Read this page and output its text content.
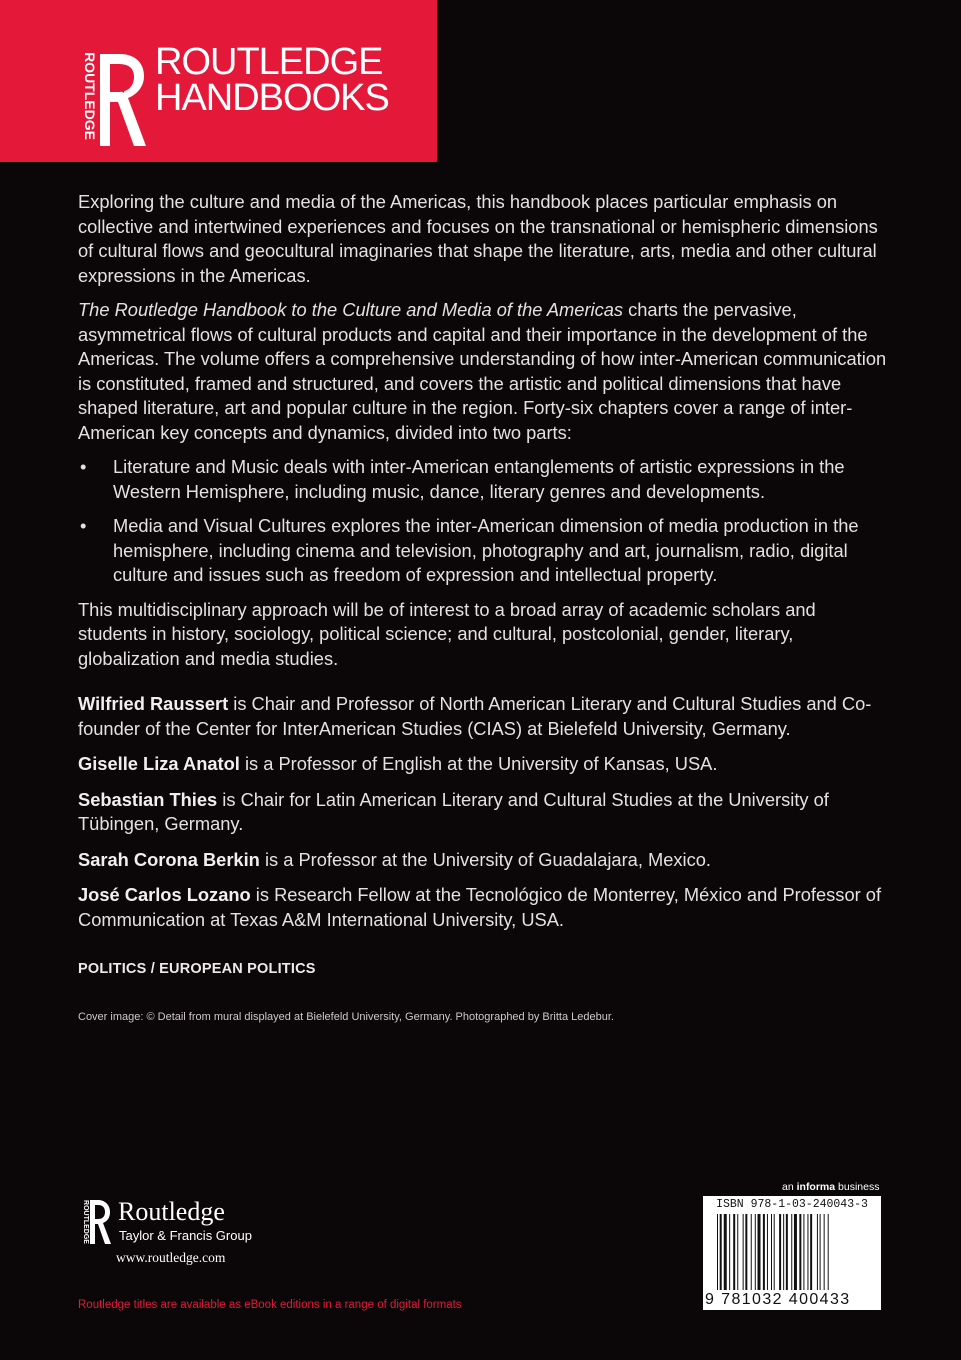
ROUTLEDGE ROUTLEDGE
HANDBOOKS

Exploring the culture and media of the Americas, this handbook places particular emphasis on collective and intertwined experiences and focuses on the transnational or hemispheric dimensions of cultural flows and geocultural imaginaries that shape the literature, arts, media and other cultural expressions in the Americas.

The Routledge Handbook to the Culture and Media of the Americas charts the pervasive, asymmetrical flows of cultural products and capital and their importance in the development of the Americas. The volume offers a comprehensive understanding of how inter-American communication is constituted, framed and structured, and covers the artistic and political dimensions that have shaped literature, art and popular culture in the region. Forty-six chapters cover a range of inter-American key concepts and dynamics, divided into two parts:

• Literature and Music deals with inter-American entanglements of artistic expressions in the Western Hemisphere, including music, dance, literary genres and developments.
• Media and Visual Cultures explores the inter-American dimension of media production in the hemisphere, including cinema and television, photography and art, journalism, radio, digital culture and issues such as freedom of expression and intellectual property.

This multidisciplinary approach will be of interest to a broad array of academic scholars and students in history, sociology, political science; and cultural, postcolonial, gender, literary, globalization and media studies.

Wilfried Raussert is Chair and Professor of North American Literary and Cultural Studies and Co-founder of the Center for InterAmerican Studies (CIAS) at Bielefeld University, Germany.

Giselle Liza Anatol is a Professor of English at the University of Kansas, USA.

Sebastian Thies is Chair for Latin American Literary and Cultural Studies at the University of Tübingen, Germany.

Sarah Corona Berkin is a Professor at the University of Guadalajara, Mexico.

José Carlos Lozano is Research Fellow at the Tecnológico de Monterrey, México and Professor of Communication at Texas A&M International University, USA.

POLITICS / EUROPEAN POLITICS
Cover image: © Detail from mural displayed at Bielefeld University, Germany. Photographed by Britta Ledebur.
ROUTLEDGE Routledge
Taylor & Francis Group
www.routledge.com
Routledge titles are available as eBook editions in a range of digital formats
an informa business
ISBN 978-1-03-240043-3
9 781032 400433
